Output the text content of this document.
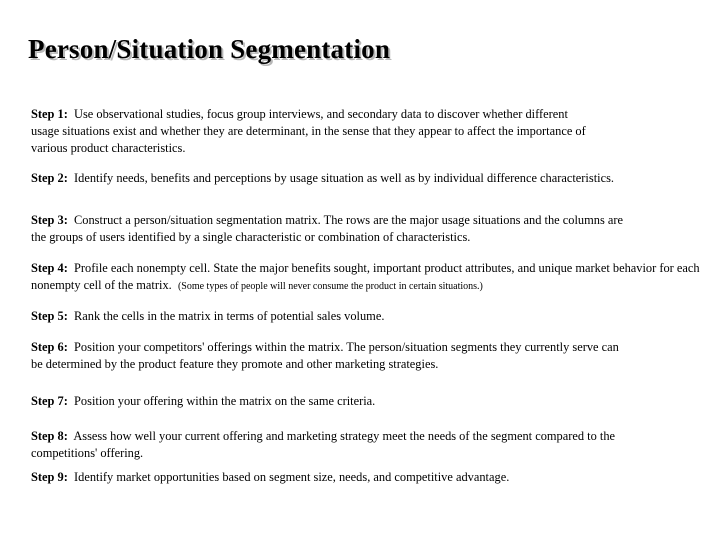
Person/Situation Segmentation
Step 1: Use observational studies, focus group interviews, and secondary data to discover whether different usage situations exist and whether they are determinant, in the sense that they appear to affect the importance of various product characteristics.
Step 2: Identify needs, benefits and perceptions by usage situation as well as by individual difference characteristics.
Step 3: Construct a person/situation segmentation matrix. The rows are the major usage situations and the columns are the groups of users identified by a single characteristic or combination of characteristics.
Step 4: Profile each nonempty cell. State the major benefits sought, important product attributes, and unique market behavior for each nonempty cell of the matrix. (Some types of people will never consume the product in certain situations.)
Step 5: Rank the cells in the matrix in terms of potential sales volume.
Step 6: Position your competitors' offerings within the matrix. The person/situation segments they currently serve can be determined by the product feature they promote and other marketing strategies.
Step 7: Position your offering within the matrix on the same criteria.
Step 8: Assess how well your current offering and marketing strategy meet the needs of the segment compared to the competitions' offering.
Step 9: Identify market opportunities based on segment size, needs, and competitive advantage.
